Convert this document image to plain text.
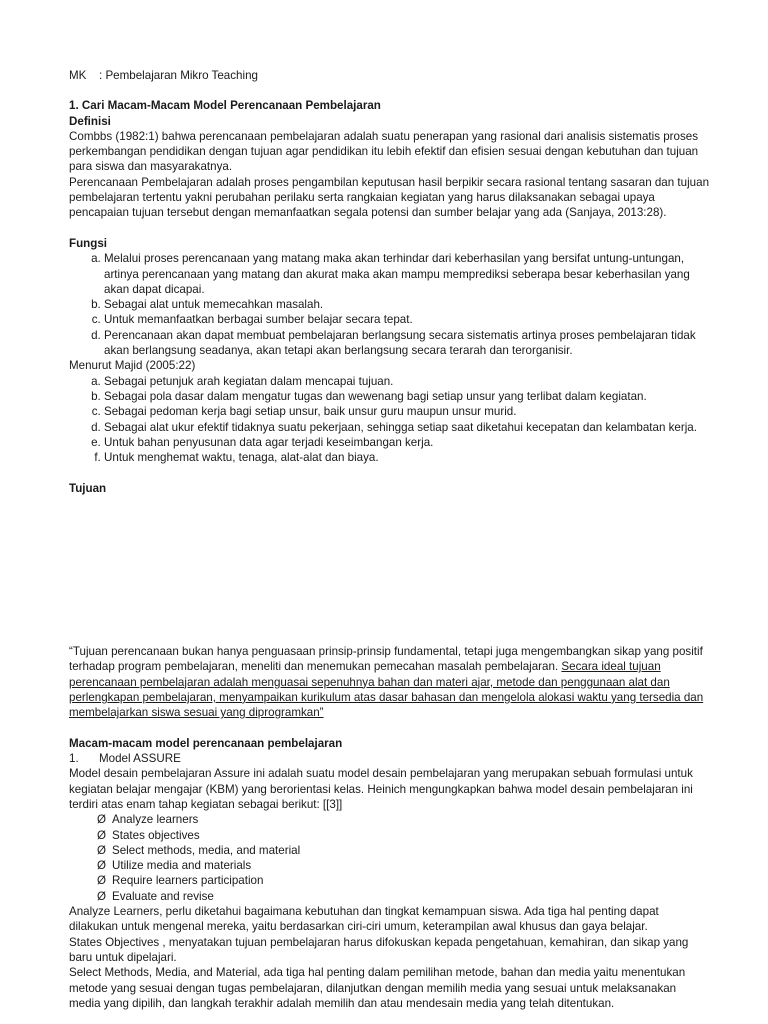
MK : Pembelajaran Mikro Teaching

1. Cari Macam-Macam Model Perencanaan Pembelajaran

Definisi

Combbs (1982:1) bahwa perencanaan pembelajaran adalah suatu penerapan yang rasional dari analisis sistematis proses perkembangan pendidikan dengan tujuan agar pendidikan itu lebih efektif dan efisien sesuai dengan kebutuhan dan tujuan para siswa dan masyarakatnya.

Perencanaan Pembelajaran adalah proses pengambilan keputusan hasil berpikir secara rasional tentang sasaran dan tujuan pembelajaran tertentu yakni perubahan perilaku serta rangkaian kegiatan yang harus dilaksanakan sebagai upaya pencapaian tujuan tersebut dengan memanfaatkan segala potensi dan sumber belajar yang ada (Sanjaya, 2013:28).

Fungsi

a. Melalui proses perencanaan yang matang maka akan terhindar dari keberhasilan yang bersifat untung-untungan, artinya perencanaan yang matang dan akurat maka akan mampu memprediksi seberapa besar keberhasilan yang akan dapat dicapai.
b. Sebagai alat untuk memecahkan masalah.
c. Untuk memanfaatkan berbagai sumber belajar secara tepat.
d. Perencanaan akan dapat membuat pembelajaran berlangsung secara sistematis artinya proses pembelajaran tidak akan berlangsung seadanya, akan tetapi akan berlangsung secara terarah dan terorganisir.

Menurut Majid (2005:22)

a. Sebagai petunjuk arah kegiatan dalam mencapai tujuan.
b. Sebagai pola dasar dalam mengatur tugas dan wewenang bagi setiap unsur yang terlibat dalam kegiatan.
c. Sebagai pedoman kerja bagi setiap unsur, baik unsur guru maupun unsur murid.
d. Sebagai alat ukur efektif tidaknya suatu pekerjaan, sehingga setiap saat diketahui kecepatan dan kelambatan kerja.
e. Untuk bahan penyusunan data agar terjadi keseimbangan kerja.
f. Untuk menghemat waktu, tenaga, alat-alat dan biaya.

Tujuan

“Tujuan perencanaan bukan hanya penguasaan prinsip-prinsip fundamental, tetapi juga mengembangkan sikap yang positif terhadap program pembelajaran, meneliti dan menemukan pemecahan masalah pembelajaran. Secara ideal tujuan perencanaan pembelajaran adalah menguasai sepenuhnya bahan dan materi ajar, metode dan penggunaan alat dan perlengkapan pembelajaran, menyampaikan kurikulum atas dasar bahasan dan mengelola alokasi waktu yang tersedia dan membelajarkan siswa sesuai yang diprogramkan”

Macam-macam model perencanaan pembelajaran

1. Model ASSURE

Model desain pembelajaran Assure ini adalah suatu model desain pembelajaran yang merupakan sebuah formulasi untuk kegiatan belajar mengajar (KBM) yang berorientasi kelas. Heinich mengungkapkan bahwa model desain pembelajaran ini terdiri atas enam tahap kegiatan sebagai berikut: [[3]]

Ø Analyze learners
Ø States objectives
Ø Select methods, media, and material
Ø Utilize media and materials
Ø Require learners participation
Ø Evaluate and revise

Analyze Learners, perlu diketahui bagaimana kebutuhan dan tingkat kemampuan siswa. Ada tiga hal penting dapat dilakukan untuk mengenal mereka, yaitu berdasarkan ciri-ciri umum, keterampilan awal khusus dan gaya belajar.

States Objectives , menyatakan tujuan pembelajaran harus difokuskan kepada pengetahuan, kemahiran, dan sikap yang baru untuk dipelajari.

Select Methods, Media, and Material, ada tiga hal penting dalam pemilihan metode, bahan dan media yaitu menentukan metode yang sesuai dengan tugas pembelajaran, dilanjutkan dengan memilih media yang sesuai untuk melaksanakan media yang dipilih, dan langkah terakhir adalah memilih dan atau mendesain media yang telah ditentukan.
